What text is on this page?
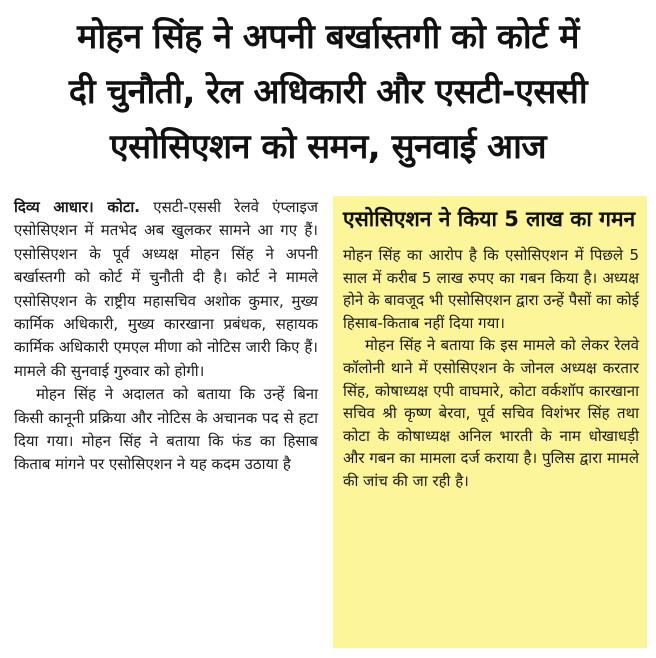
मोहन सिंह ने अपनी बर्खास्तगी को कोर्ट में
दी चुनौती, रेल अधिकारी और एसटी-एससी
एसोसिएशन को समन, सुनवाई आज

दिव्य आधार। कोटा. एसटी-एससी रेलवे एंप्लाइज एसोसिएशन में मतभेद अब खुलकर सामने आ गए हैं। एसोसिएशन के पूर्व अध्यक्ष मोहन सिंह ने अपनी बर्खास्तगी को कोर्ट में चुनौती दी है। कोर्ट ने मामले एसोसिएशन के राष्ट्रीय महासचिव अशोक कुमार, मुख्य कार्मिक अधिकारी, मुख्य कारखाना प्रबंधक, सहायक कार्मिक अधिकारी एमएल मीणा को नोटिस जारी किए हैं। मामले की सुनवाई गुरुवार को होगी।

मोहन सिंह ने अदालत को बताया कि उन्हें बिना किसी कानूनी प्रक्रिया और नोटिस के अचानक पद से हटा दिया गया। मोहन सिंह ने बताया कि फंड का हिसाब किताब मांगने पर एसोसिएशन ने यह कदम उठाया है

एसोसिएशन ने किया 5 लाख का गमन

मोहन सिंह का आरोप है कि एसोसिएशन में पिछले 5 साल में करीब 5 लाख रुपए का गबन किया है। अध्यक्ष होने के बावजूद भी एसोसिएशन द्वारा उन्हें पैसों का कोई हिसाब-किताब नहीं दिया गया।

मोहन सिंह ने बताया कि इस मामले को लेकर रेलवे कॉलोनी थाने में एसोसिएशन के जोनल अध्यक्ष करतार सिंह, कोषाध्यक्ष एपी वाघमारे, कोटा वर्कशॉप कारखाना सचिव श्री कृष्ण बेरवा, पूर्व सचिव विशंभर सिंह तथा कोटा के कोषाध्यक्ष अनिल भारती के नाम धोखाधड़ी और गबन का मामला दर्ज कराया है। पुलिस द्वारा मामले की जांच की जा रही है।
